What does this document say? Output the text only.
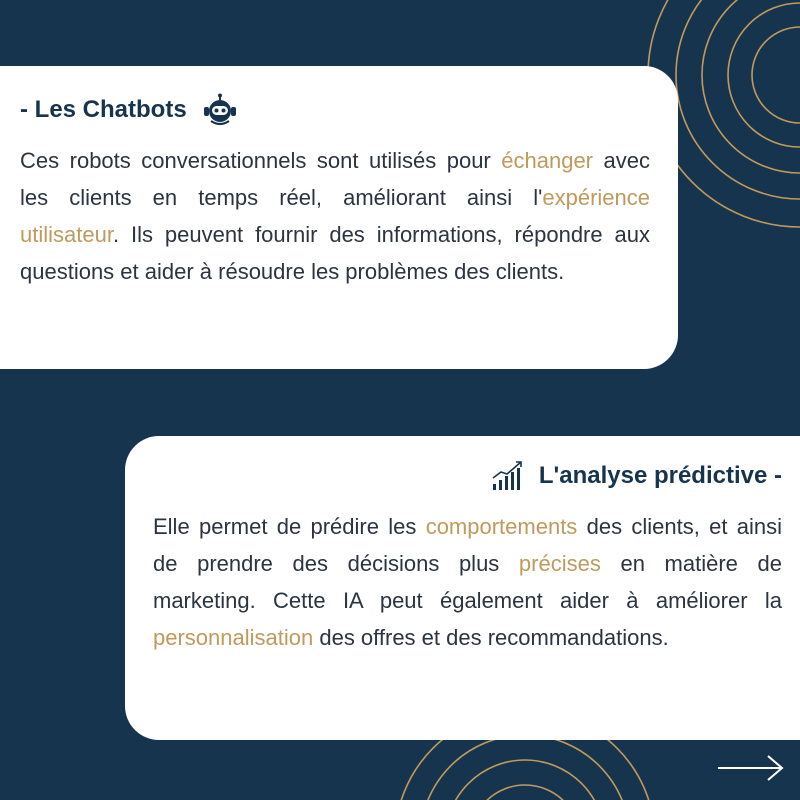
- Les Chatbots

Ces robots conversationnels sont utilisés pour échanger avec les clients en temps réel, améliorant ainsi l'expérience utilisateur. Ils peuvent fournir des informations, répondre aux questions et aider à résoudre les problèmes des clients.

L'analyse prédictive -

Elle permet de prédire les comportements des clients, et ainsi de prendre des décisions plus précises en matière de marketing. Cette IA peut également aider à améliorer la personnalisation des offres et des recommandations.
